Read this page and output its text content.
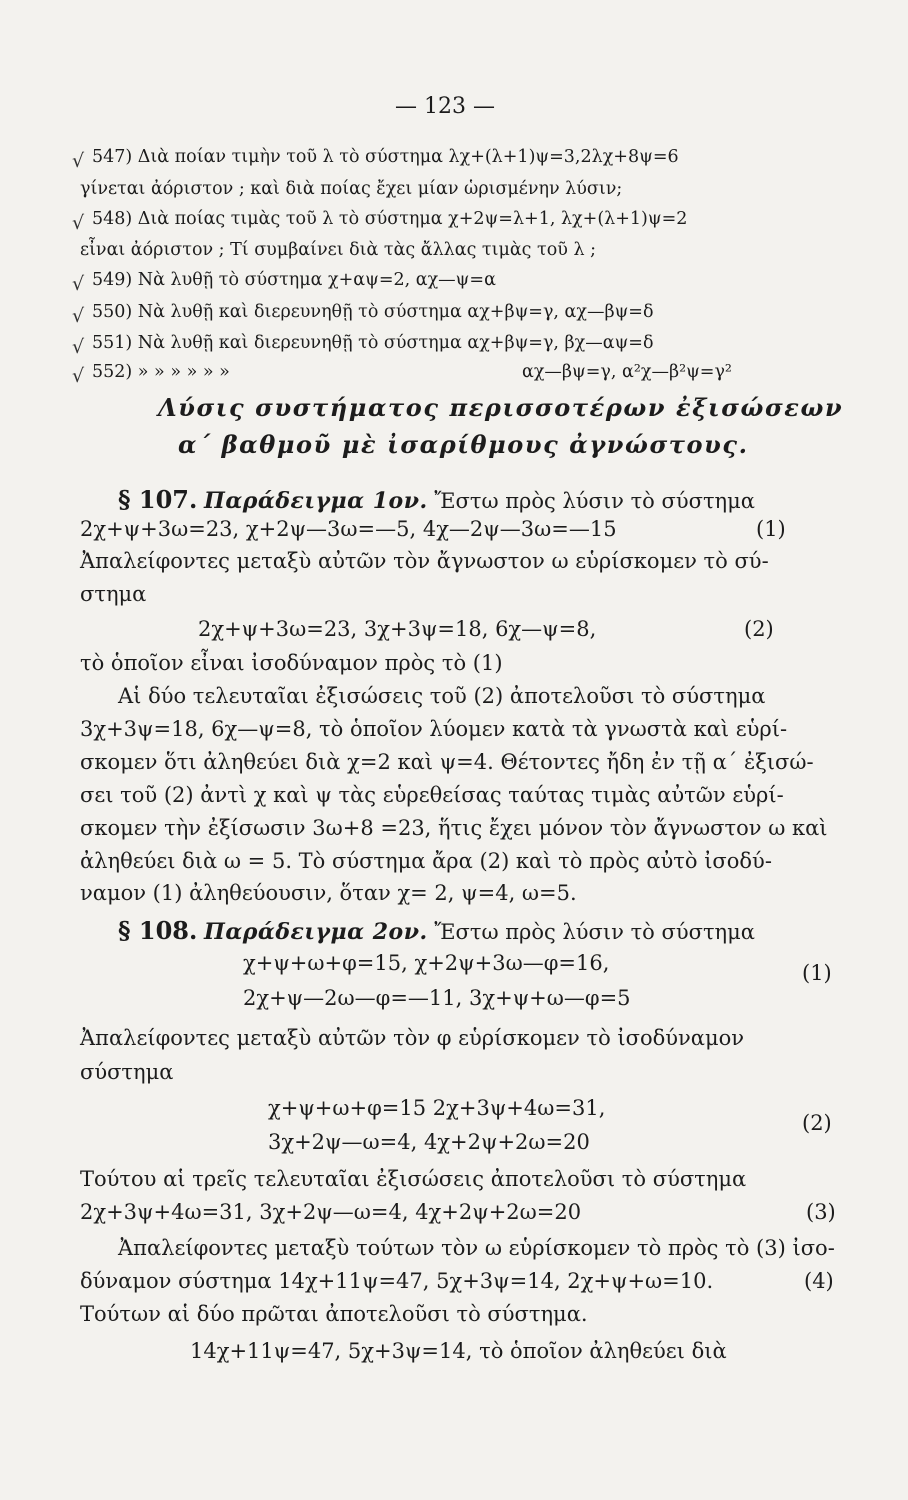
— 123 —
√ 547) Διὰ ποίαν τιμὴν τοῦ λ τὸ σύστημα λχ+(λ+1)ψ=3,2λχ+8ψ=6
γίνεται ἀόριστον ; καὶ διὰ ποίας ἔχει μίαν ὡρισμένην λύσιν;
√ 548) Διὰ ποίας τιμὰς τοῦ λ τὸ σύστημα χ+2ψ=λ+1, λχ+(λ+1)ψ=2
εἶναι ἀόριστον ; Τί συμβαίνει διὰ τὰς ἄλλας τιμὰς τοῦ λ ;
√ 549) Νὰ λυθῇ τὸ σύστημα χ+αψ=2, αχ—ψ=α
√ 550) Νὰ λυθῇ καὶ διερευνηθῇ τὸ σύστημα αχ+βψ=γ, αχ—βψ=δ
√ 551) Νὰ λυθῇ καὶ διερευνηθῇ τὸ σύστημα αχ+βψ=γ, βχ—αψ=δ
√ 552) » » » » » »	αχ—βψ=γ, α²χ—β²ψ=γ²
Λύσις συστήματος περισσοτέρων ἐξισώσεων
α΄ βαθμοῦ μὲ ἰσαρίθμους ἀγνώστους.
§ 107. Παράδειγμα 1ον. Ἔστω πρὸς λύσιν τὸ σύστημα
2χ+ψ+3ω=23, χ+2ψ—3ω=—5, 4χ—2ψ—3ω=—15	(1)
Ἀπαλείφοντες μεταξὺ αὐτῶν τὸν ἄγνωστον ω εὑρίσκομεν τὸ σύ-
στημα
2χ+ψ+3ω=23, 3χ+3ψ=18, 6χ—ψ=8,	(2)
τὸ ὁποῖον εἶναι ἰσοδύναμον πρὸς τὸ (1)
Αἱ δύο τελευταῖαι ἐξισώσεις τοῦ (2) ἀποτελοῦσι τὸ σύστημα
3χ+3ψ=18, 6χ—ψ=8, τὸ ὁποῖον λύομεν κατὰ τὰ γνωστὰ καὶ εὑρί-
σκομεν ὅτι ἀληθεύει διὰ χ=2 καὶ ψ=4. Θέτοντες ἤδη ἐν τῇ α΄ ἐξισώ-
σει τοῦ (2) ἀντὶ χ καὶ ψ τὰς εὑρεθείσας ταύτας τιμὰς αὐτῶν εὑρί-
σκομεν τὴν ἐξίσωσιν 3ω+8 =23, ἥτις ἔχει μόνον τὸν ἄγνωστον ω καὶ
ἀληθεύει διὰ ω = 5. Τὸ σύστημα ἄρα (2) καὶ τὸ πρὸς αὐτὸ ἰσοδύ-
ναμον (1) ἀληθεύουσιν, ὅταν χ= 2, ψ=4, ω=5.
§ 108. Παράδειγμα 2ον. Ἔστω πρὸς λύσιν τὸ σύστημα
χ+ψ+ω+φ=15, χ+2ψ+3ω—φ=16,
2χ+ψ—2ω—φ=—11, 3χ+ψ+ω—φ=5
(1)
Ἀπαλείφοντες μεταξὺ αὐτῶν τὸν φ εὑρίσκομεν τὸ ἰσοδύναμον
σύστημα
χ+ψ+ω+φ=15 2χ+3ψ+4ω=31,
3χ+2ψ—ω=4, 4χ+2ψ+2ω=20
(2)
Τούτου αἱ τρεῖς τελευταῖαι ἐξισώσεις ἀποτελοῦσι τὸ σύστημα
2χ+3ψ+4ω=31, 3χ+2ψ—ω=4, 4χ+2ψ+2ω=20	(3)
Ἀπαλείφοντες μεταξὺ τούτων τὸν ω εὑρίσκομεν τὸ πρὸς τὸ (3) ἰσο-
δύναμον σύστημα 14χ+11ψ=47, 5χ+3ψ=14, 2χ+ψ+ω=10.	(4)
Τούτων αἱ δύο πρῶται ἀποτελοῦσι τὸ σύστημα.
14χ+11ψ=47, 5χ+3ψ=14, τὸ ὁποῖον ἀληθεύει διὰ
